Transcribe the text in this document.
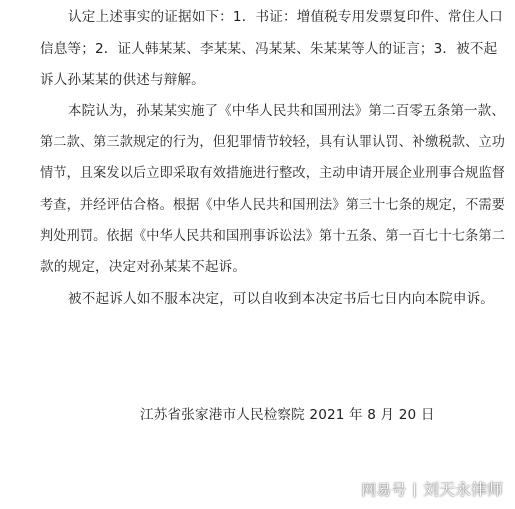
认定上述事实的证据如下：1．书证：增值税专用发票复印件、常住人口
信息等；2．证人韩某某、李某某、冯某某、朱某某等人的证言；3．被不起
诉人孙某某的供述与辩解。
本院认为，孙某某实施了《中华人民共和国刑法》第二百零五条第一款、
第二款、第三款规定的行为，但犯罪情节较轻，具有认罪认罚、补缴税款、立功
情节，且案发以后立即采取有效措施进行整改，主动申请开展企业刑事合规监督
考查，并经评估合格。根据《中华人民共和国刑法》第三十七条的规定，不需要
判处刑罚。依据《中华人民共和国刑事诉讼法》第十五条、第一百七十七条第二
款的规定，决定对孙某某不起诉。
被不起诉人如不服本决定，可以自收到本决定书后七日内向本院申诉。
江苏省张家港市人民检察院 2021 年 8 月 20 日
网易号 | 刘天永律师
